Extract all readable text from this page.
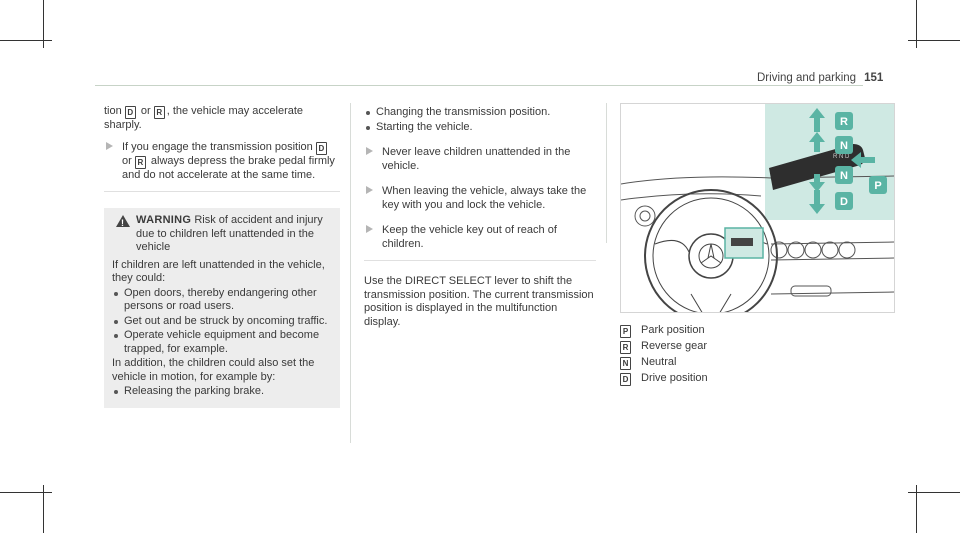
Driving and parking 151

tion D or R , the vehicle may accelerate sharply.

If you engage the transmission position D or R always depress the brake pedal firmly and do not accelerate at the same time.
! WARNING Risk of accident and injury due to children left unattended in the vehicle

If children are left unattended in the vehicle, they could:

Open doors, thereby endangering other persons or road users.
Get out and be struck by oncoming traffic.
Operate vehicle equipment and become trapped, for example.

In addition, the children could also set the vehicle in motion, for example by:

Releasing the parking brake.
Changing the transmission position.
Starting the vehicle.
Never leave children unattended in the vehicle.
When leaving the vehicle, always take the key with you and lock the vehicle.
Keep the vehicle key out of reach of children.

Use the DIRECT SELECT lever to shift the transmission position. The current transmission position is displayed in the multifunction display.

R N D
R
N
N
P
D
P Park position
R Reverse gear
N Neutral
D Drive position
